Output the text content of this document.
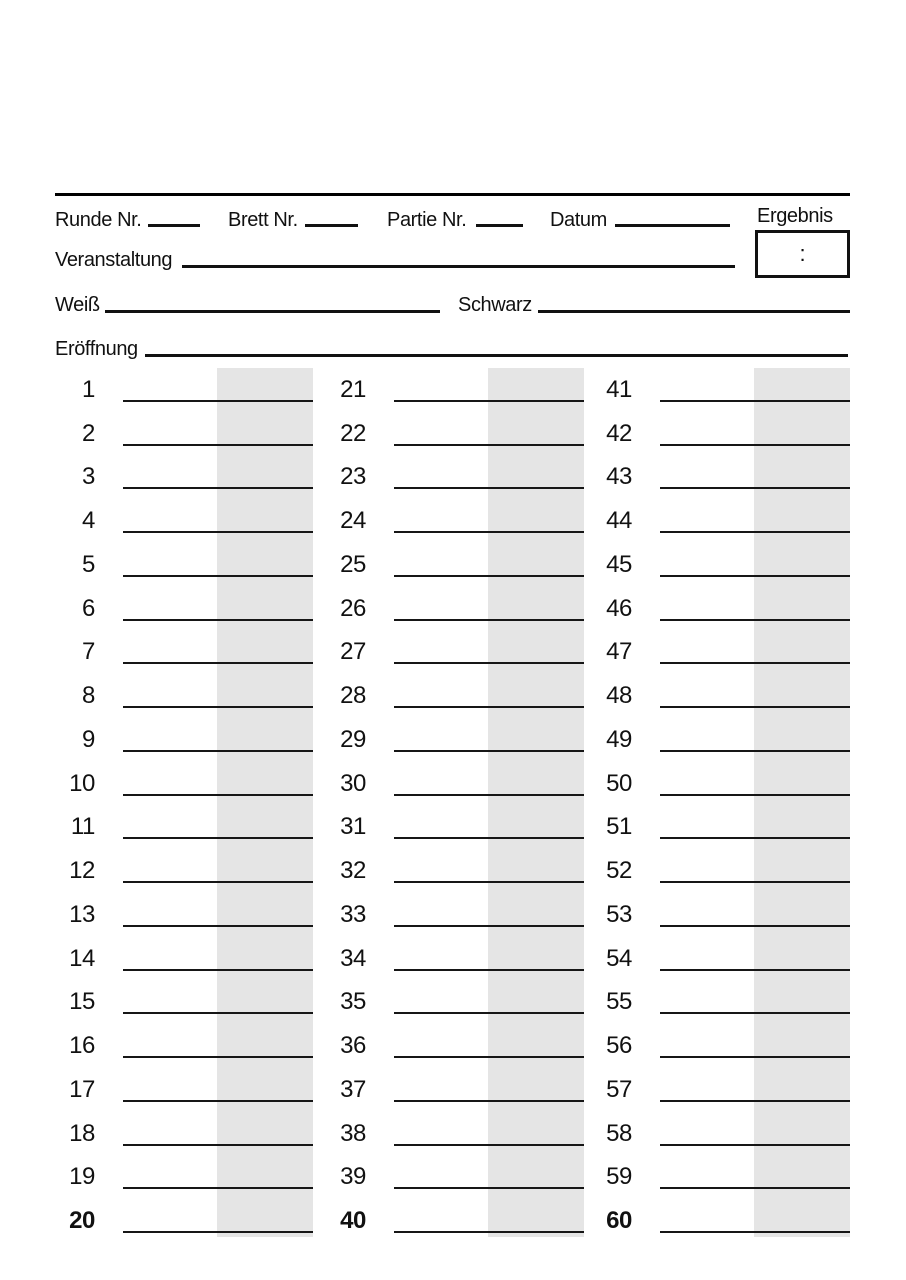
Runde Nr.	Brett Nr.	Partie Nr.	Datum	Ergebnis
:
Veranstaltung
Weiß	Schwarz
Eröffnung
1
2
3
4
5
6
7
8
9
10
11
12
13
14
15
16
17
18
19
20
21
22
23
24
25
26
27
28
29
30
31
32
33
34
35
36
37
38
39
40
41
42
43
44
45
46
47
48
49
50
51
52
53
54
55
56
57
58
59
60
